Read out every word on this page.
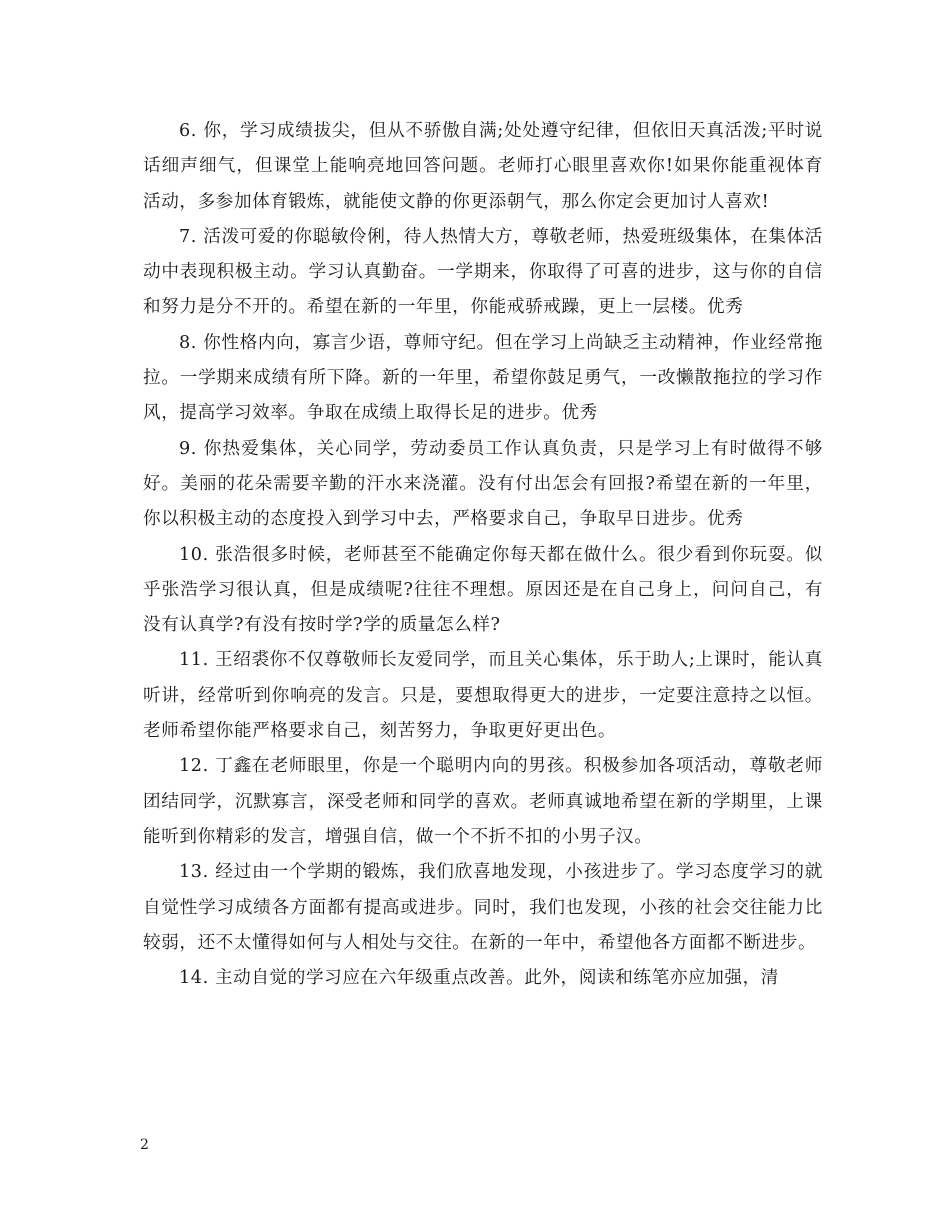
6. 你，学习成绩拔尖，但从不骄傲自满;处处遵守纪律，但依旧天真活泼;平时说话细声细气，但课堂上能响亮地回答问题。老师打心眼里喜欢你!如果你能重视体育活动，多参加体育锻炼，就能使文静的你更添朝气，那么你定会更加讨人喜欢!

7. 活泼可爱的你聪敏伶俐，待人热情大方，尊敬老师，热爱班级集体，在集体活动中表现积极主动。学习认真勤奋。一学期来，你取得了可喜的进步，这与你的自信和努力是分不开的。希望在新的一年里，你能戒骄戒躁，更上一层楼。优秀

8. 你性格内向，寡言少语，尊师守纪。但在学习上尚缺乏主动精神，作业经常拖拉。一学期来成绩有所下降。新的一年里，希望你鼓足勇气，一改懒散拖拉的学习作风，提高学习效率。争取在成绩上取得长足的进步。优秀

9. 你热爱集体，关心同学，劳动委员工作认真负责，只是学习上有时做得不够好。美丽的花朵需要辛勤的汗水来浇灌。没有付出怎会有回报?希望在新的一年里，你以积极主动的态度投入到学习中去，严格要求自己，争取早日进步。优秀

10. 张浩很多时候，老师甚至不能确定你每天都在做什么。很少看到你玩耍。似乎张浩学习很认真，但是成绩呢?往往不理想。原因还是在自己身上，问问自己，有没有认真学?有没有按时学?学的质量怎么样?

11. 王绍裘你不仅尊敬师长友爱同学，而且关心集体，乐于助人;上课时，能认真听讲，经常听到你响亮的发言。只是，要想取得更大的进步，一定要注意持之以恒。老师希望你能严格要求自己，刻苦努力，争取更好更出色。

12. 丁鑫在老师眼里，你是一个聪明内向的男孩。积极参加各项活动，尊敬老师团结同学，沉默寡言，深受老师和同学的喜欢。老师真诚地希望在新的学期里，上课能听到你精彩的发言，增强自信，做一个不折不扣的小男子汉。

13. 经过由一个学期的锻炼，我们欣喜地发现，小孩进步了。学习态度学习的就自觉性学习成绩各方面都有提高或进步。同时，我们也发现，小孩的社会交往能力比较弱，还不太懂得如何与人相处与交往。在新的一年中，希望他各方面都不断进步。

14. 主动自觉的学习应在六年级重点改善。此外，阅读和练笔亦应加强，清

2
